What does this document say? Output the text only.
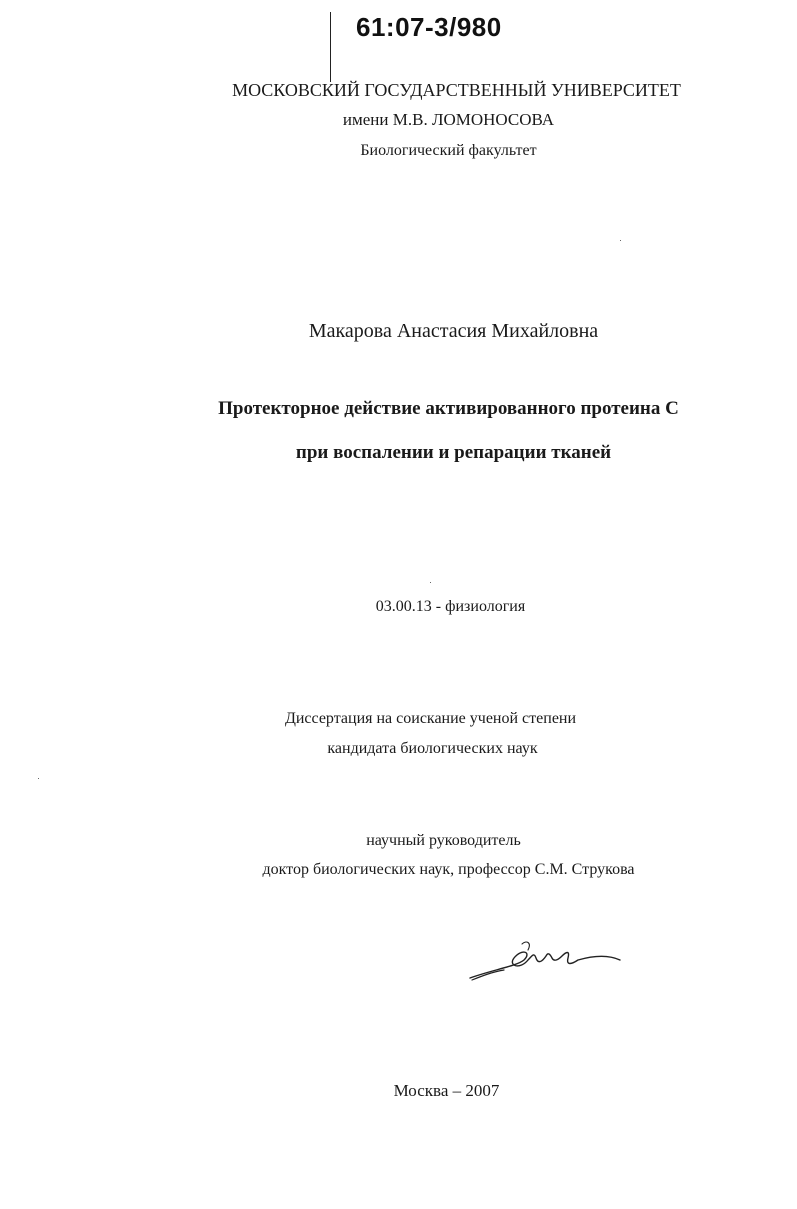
61:07-3/980
МОСКОВСКИЙ ГОСУДАРСТВЕННЫЙ УНИВЕРСИТЕТ
имени М.В. ЛОМОНОСОВА
Биологический факультет
Макарова Анастасия Михайловна
Протекторное действие активированного протеина С
при воспалении и репарации тканей
03.00.13 - физиология
Диссертация на соискание ученой степени
кандидата биологических наук
научный руководитель
доктор биологических наук, профессор С.М. Струкова
Москва – 2007
